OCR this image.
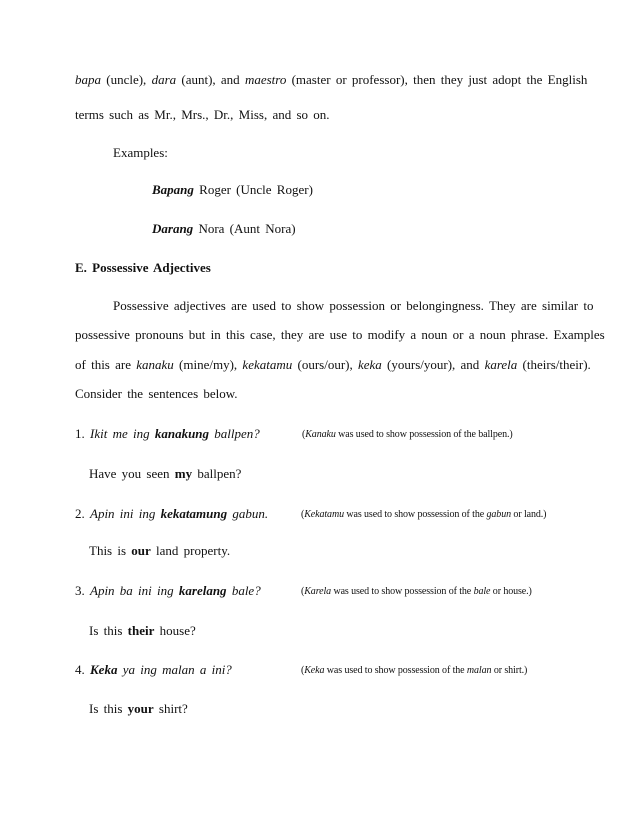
bapa (uncle), dara (aunt), and maestro (master or professor), then they just adopt the English
terms such as Mr., Mrs., Dr., Miss, and so on.
Examples:
Bapang Roger (Uncle Roger)
Darang Nora (Aunt Nora)
E. Possessive Adjectives
Possessive adjectives are used to show possession or belongingness. They are similar to
possessive pronouns but in this case, they are use to modify a noun or a noun phrase. Examples
of this are kanaku (mine/my), kekatamu (ours/our), keka (yours/your), and karela (theirs/their).
Consider the sentences below.
1. Ikit me ing kanakung ballpen?	(Kanaku was used to show possession of the ballpen.)
Have you seen my ballpen?
2. Apin ini ing kekatamung gabun.	(Kekatamu was used to show possession of the gabun or land.)
This is our land property.
3. Apin ba ini ing karelang bale?	(Karela was used to show possession of the bale or house.)
Is this their house?
4. Keka ya ing malan a ini?	(Keka was used to show possession of the malan or shirt.)
Is this your shirt?
